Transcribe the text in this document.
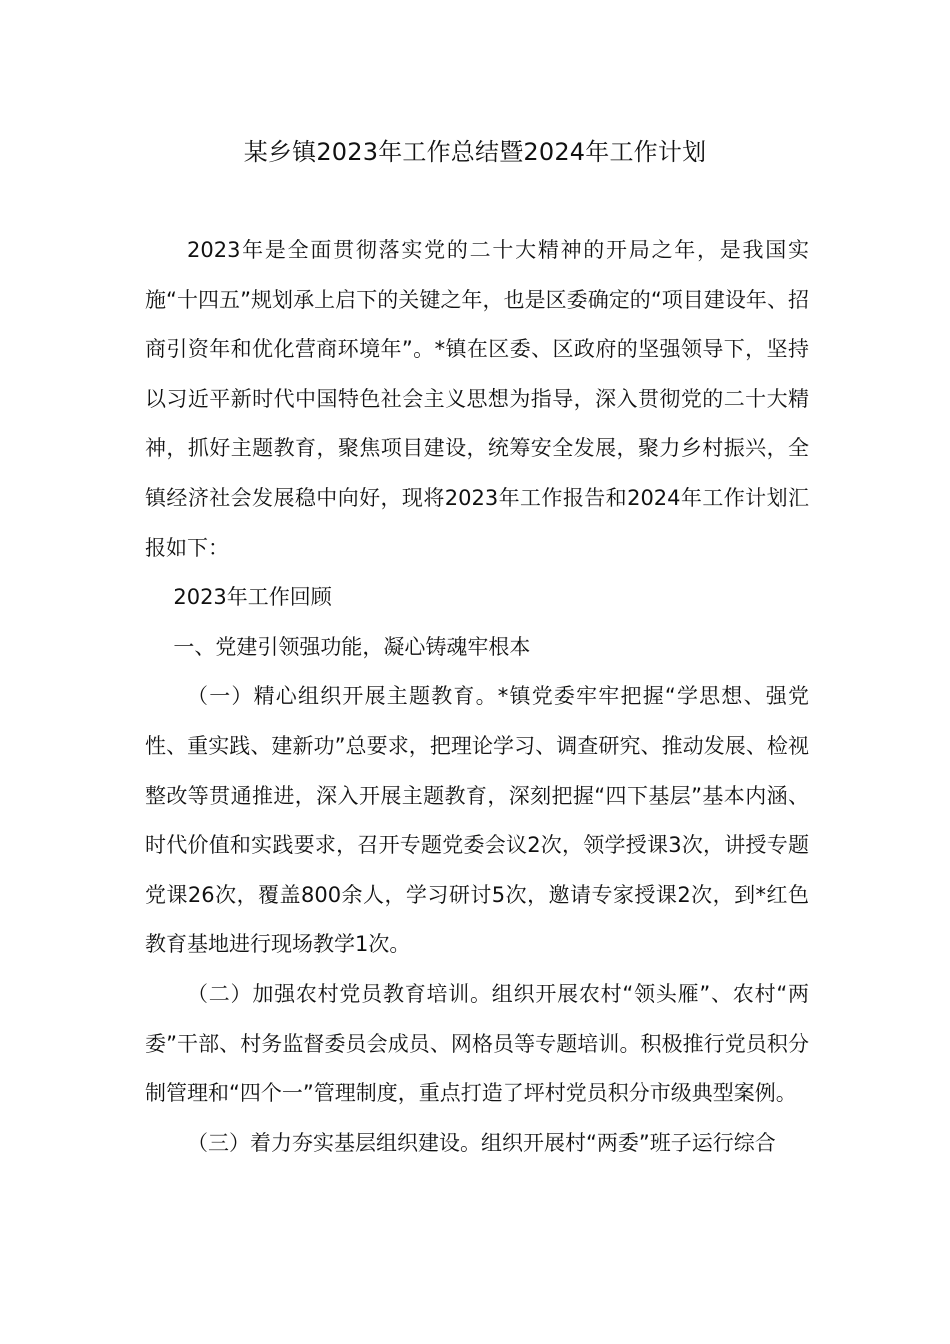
某乡镇2023年工作总结暨2024年工作计划

2023年是全面贯彻落实党的二十大精神的开局之年，是我国实施“十四五”规划承上启下的关键之年，也是区委确定的“项目建设年、招商引资年和优化营商环境年”。*镇在区委、区政府的坚强领导下，坚持以习近平新时代中国特色社会主义思想为指导，深入贯彻党的二十大精神，抓好主题教育，聚焦项目建设，统筹安全发展，聚力乡村振兴，全镇经济社会发展稳中向好，现将2023年工作报告和2024年工作计划汇报如下：

2023年工作回顾

一、党建引领强功能，凝心铸魂牢根本

（一）精心组织开展主题教育。*镇党委牢牢把握“学思想、强党性、重实践、建新功”总要求，把理论学习、调查研究、推动发展、检视整改等贯通推进，深入开展主题教育，深刻把握“四下基层”基本内涵、时代价值和实践要求，召开专题党委会议2次，领学授课3次，讲授专题党课26次，覆盖800余人，学习研讨5次，邀请专家授课2次，到*红色教育基地进行现场教学1次。

（二）加强农村党员教育培训。组织开展农村“领头雁”、农村“两委”干部、村务监督委员会成员、网格员等专题培训。积极推行党员积分制管理和“四个一”管理制度，重点打造了坪村党员积分市级典型案例。

（三）着力夯实基层组织建设。组织开展村“两委”班子运行综合
